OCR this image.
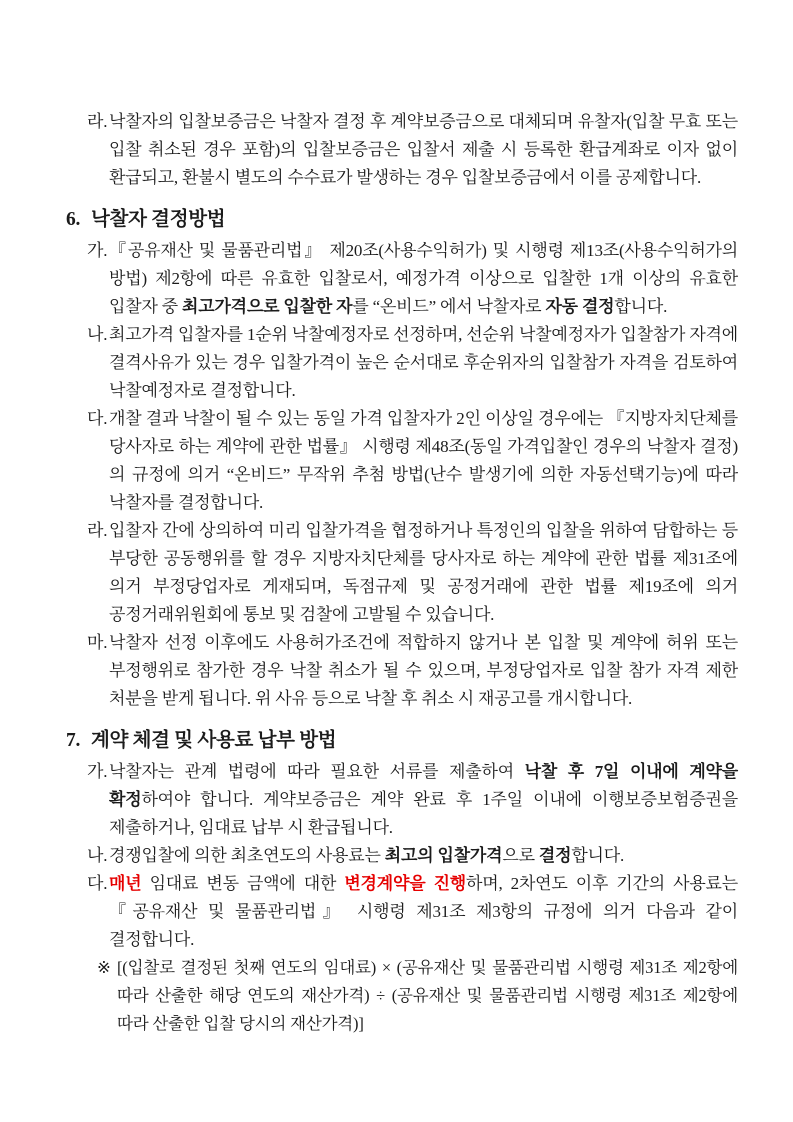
라. 낙찰자의 입찰보증금은 낙찰자 결정 후 계약보증금으로 대체되며 유찰자(입찰 무효 또는 입찰 취소된 경우 포함)의 입찰보증금은 입찰서 제출 시 등록한 환급계좌로 이자 없이 환급되고, 환불시 별도의 수수료가 발생하는 경우 입찰보증금에서 이를 공제합니다.
6. 낙찰자 결정방법
가. 『공유재산 및 물품관리법』 제20조(사용수익허가) 및 시행령 제13조(사용수익허가의 방법) 제2항에 따른 유효한 입찰로서, 예정가격 이상으로 입찰한 1개 이상의 유효한 입찰자 중 최고가격으로 입찰한 자를 “온비드” 에서 낙찰자로 자동 결정합니다.
나. 최고가격 입찰자를 1순위 낙찰예정자로 선정하며, 선순위 낙찰예정자가 입찰참가 자격에 결격사유가 있는 경우 입찰가격이 높은 순서대로 후순위자의 입찰참가 자격을 검토하여 낙찰예정자로 결정합니다.
다. 개찰 결과 낙찰이 될 수 있는 동일 가격 입찰자가 2인 이상일 경우에는 『지방자치단체를 당사자로 하는 계약에 관한 법률』 시행령 제48조(동일 가격입찰인 경우의 낙찰자 결정)의 규정에 의거 “온비드” 무작위 추첨 방법(난수 발생기에 의한 자동선택기능)에 따라 낙찰자를 결정합니다.
라. 입찰자 간에 상의하여 미리 입찰가격을 협정하거나 특정인의 입찰을 위하여 담합하는 등 부당한 공동행위를 할 경우 지방자치단체를 당사자로 하는 계약에 관한 법률 제31조에 의거 부정당업자로 게재되며, 독점규제 및 공정거래에 관한 법률 제19조에 의거 공정거래위원회에 통보 및 검찰에 고발될 수 있습니다.
마. 낙찰자 선정 이후에도 사용허가조건에 적합하지 않거나 본 입찰 및 계약에 허위 또는 부정행위로 참가한 경우 낙찰 취소가 될 수 있으며, 부정당업자로 입찰 참가 자격 제한 처분을 받게 됩니다. 위 사유 등으로 낙찰 후 취소 시 재공고를 개시합니다.
7. 계약 체결 및 사용료 납부 방법
가. 낙찰자는 관계 법령에 따라 필요한 서류를 제출하여 낙찰 후 7일 이내에 계약을 확정하여야 합니다. 계약보증금은 계약 완료 후 1주일 이내에 이행보증보험증권을 제출하거나, 임대료 납부 시 환급됩니다.
나. 경쟁입찰에 의한 최초연도의 사용료는 최고의 입찰가격으로 결정합니다.
다. 매년 임대료 변동 금액에 대한 변경계약을 진행하며, 2차연도 이후 기간의 사용료는 『공유재산 및 물품관리법』 시행령 제31조 제3항의 규정에 의거 다음과 같이 결정합니다.
※ [(입찰로 결정된 첫째 연도의 임대료) × (공유재산 및 물품관리법 시행령 제31조 제2항에 따라 산출한 해당 연도의 재산가격) ÷ (공유재산 및 물품관리법 시행령 제31조 제2항에 따라 산출한 입찰 당시의 재산가격)]
